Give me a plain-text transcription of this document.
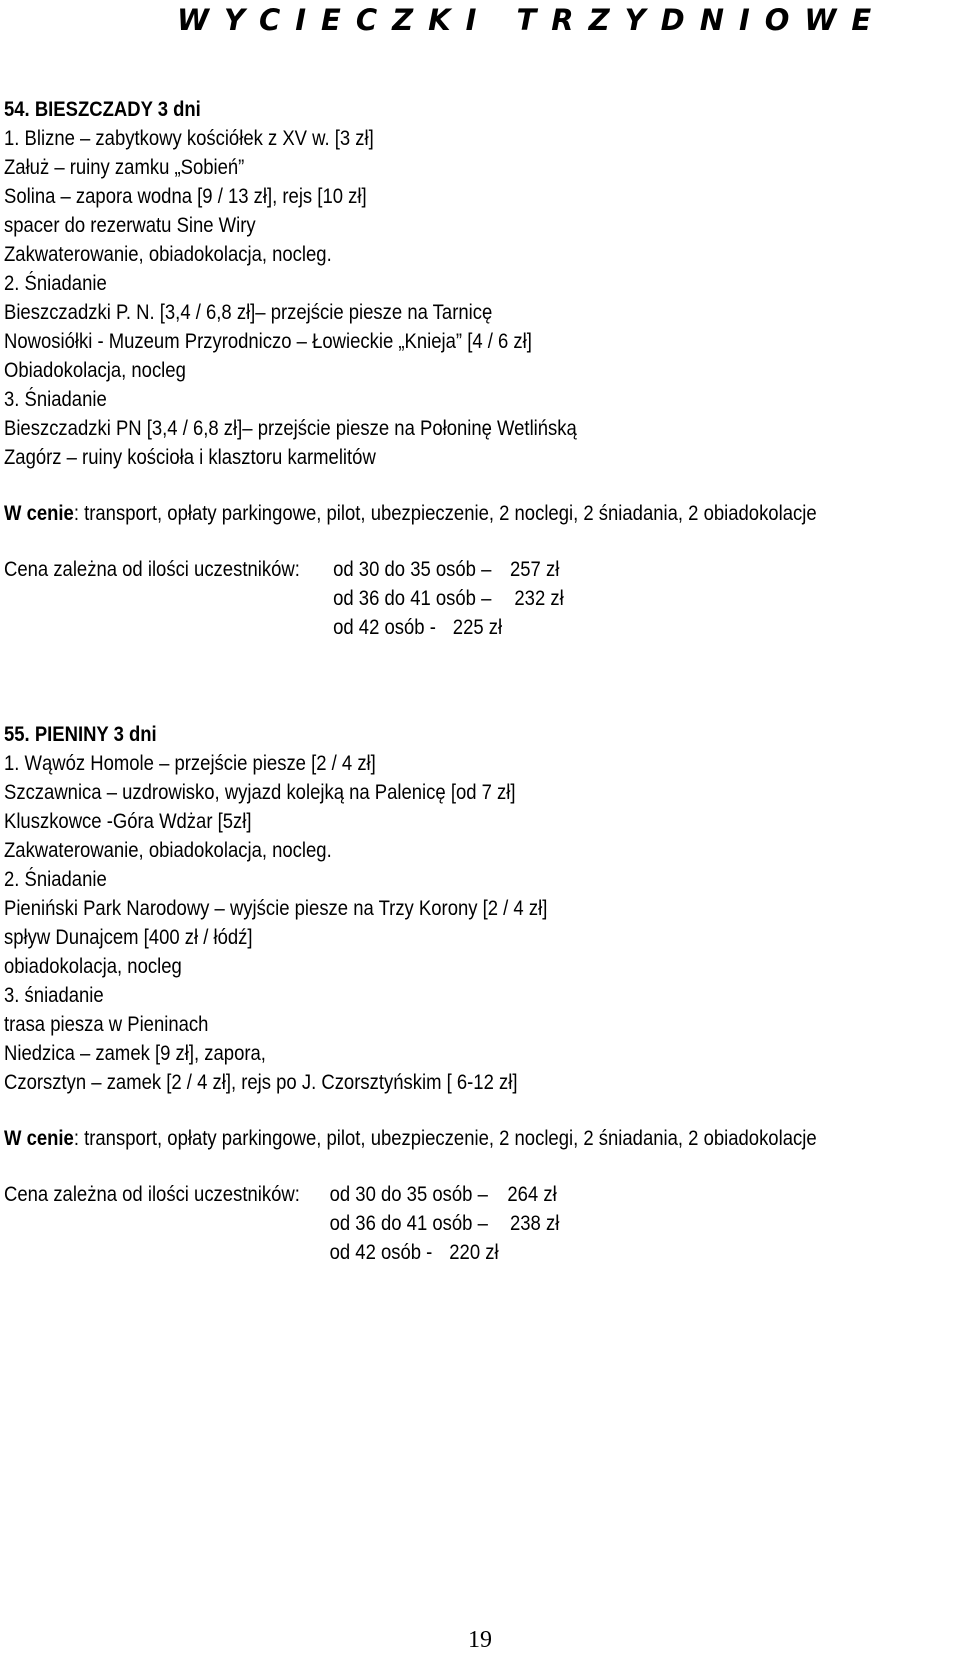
WYCIECZKI TRZYDNIOWE
54. BIESZCZADY 3 dni
1. Blizne – zabytkowy kościółek z XV w. [3 zł]
Załuż – ruiny zamku „Sobień”
Solina – zapora wodna [9 / 13 zł], rejs [10 zł]
spacer do rezerwatu Sine Wiry
Zakwaterowanie, obiadokolacja, nocleg.
2. Śniadanie
Bieszczadzki P. N. [3,4 / 6,8 zł]– przejście piesze na Tarnicę
Nowosiółki - Muzeum Przyrodniczo – Łowieckie „Knieja” [4 / 6 zł]
Obiadokolacja, nocleg
3. Śniadanie
Bieszczadzki PN [3,4 / 6,8 zł]– przejście piesze na Połoninę Wetlińską
Zagórz – ruiny kościoła i klasztoru karmelitów
W cenie: transport, opłaty parkingowe, pilot, ubezpieczenie, 2 noclegi, 2 śniadania, 2 obiadokolacje
Cena zależna od ilości uczestników: od 30 do 35 osób – 257 zł
od 36 do 41 osób – 232 zł
od 42 osób - 225 zł
55. PIENINY 3 dni
1. Wąwóz Homole – przejście piesze [2 / 4 zł]
Szczawnica – uzdrowisko, wyjazd kolejką na Palenicę [od 7 zł]
Kluszkowce -Góra Wdżar [5zł]
Zakwaterowanie, obiadokolacja, nocleg.
2. Śniadanie
Pieniński Park Narodowy – wyjście piesze na Trzy Korony [2 / 4 zł]
spływ Dunajcem [400 zł / łódź]
obiadokolacja, nocleg
3. śniadanie
trasa piesza w Pieninach
Niedzica – zamek [9 zł], zapora,
Czorsztyn – zamek [2 / 4 zł], rejs po J. Czorsztyńskim [ 6-12 zł]
W cenie: transport, opłaty parkingowe, pilot, ubezpieczenie, 2 noclegi, 2 śniadania, 2 obiadokolacje
Cena zależna od ilości uczestników: od 30 do 35 osób – 264 zł
od 36 do 41 osób – 238 zł
od 42 osób - 220 zł
19
